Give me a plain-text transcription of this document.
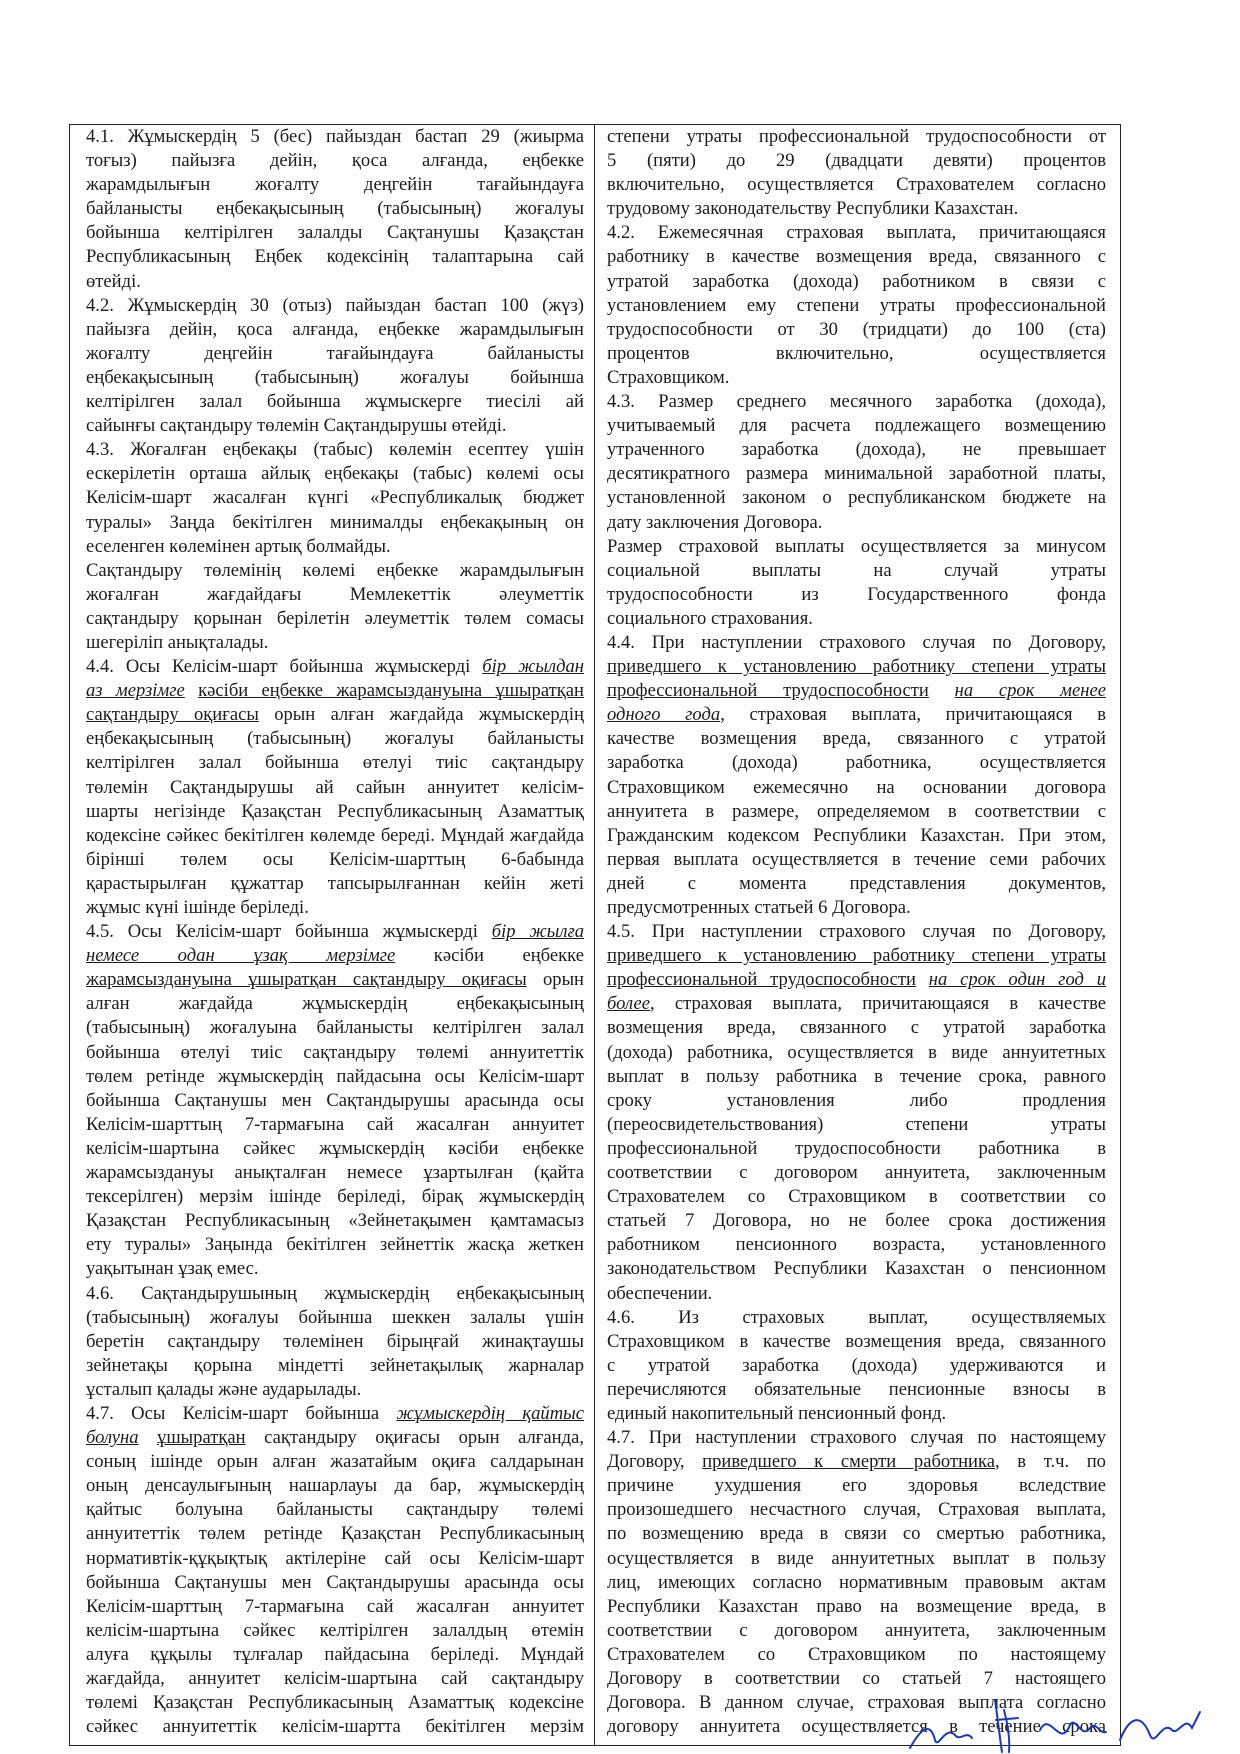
4.1. Жұмыскердің 5 (бес) пайыздан бастап 29 (жиырма
тоғыз) пайызға дейін, қоса алғанда, еңбекке
жарамдылығын жоғалту деңгейін тағайындауға
байланысты еңбекақысының (табысының) жоғалуы
бойынша келтірілген залалды Сақтанушы Қазақстан
Республикасының Еңбек кодексінің талаптарына сай
өтейді.
4.2. Жұмыскердің 30 (отыз) пайыздан бастап 100 (жүз)
пайызға дейін, қоса алғанда, еңбекке жарамдылығын
жоғалту деңгейін тағайындауға байланысты
еңбекақысының (табысының) жоғалуы бойынша
келтірілген залал бойынша жұмыскерге тиесілі ай
сайынғы сақтандыру төлемін Сақтандырушы өтейді.
4.3. Жоғалған еңбекақы (табыс) көлемін есептеу үшін
ескерілетін орташа айлық еңбекақы (табыс) көлемі осы
Келісім-шарт жасалған күнгі «Республикалық бюджет
туралы» Заңда бекітілген минималды еңбекақының он
еселенген көлемінен артық болмайды.
Сақтандыру төлемінің көлемі еңбекке жарамдылығын
жоғалған жағдайдағы Мемлекеттік әлеуметтік
сақтандыру қорынан берілетін әлеуметтік төлем сомасы
шегеріліп анықталады.
4.4. Осы Келісім-шарт бойынша жұмыскерді бір жылдан
аз мерзімге кәсіби еңбекке жарамсыздануына ұшыратқан
сақтандыру оқиғасы орын алған жағдайда жұмыскердің
еңбекақысының (табысының) жоғалуы байланысты
келтірілген залал бойынша өтелуі тиіс сақтандыру
төлемін Сақтандырушы ай сайын аннуитет келісім-
шарты негізінде Қазақстан Республикасының Азаматтық
кодексіне сәйкес бекітілген көлемде береді. Мұндай жағдайда
бірінші төлем осы Келісім-шарттың 6-бабында
қарастырылған құжаттар тапсырылғаннан кейін жеті
жұмыс күні ішінде беріледі.
4.5. Осы Келісім-шарт бойынша жұмыскерді бір жылға
немесе одан ұзақ мерзімге кәсіби еңбекке
жарамсыздануына ұшыратқан сақтандыру оқиғасы орын
алған жағдайда жұмыскердің еңбекақысының
(табысының) жоғалуына байланысты келтірілген залал
бойынша өтелуі тиіс сақтандыру төлемі аннуитеттік
төлем ретінде жұмыскердің пайдасына осы Келісім-шарт
бойынша Сақтанушы мен Сақтандырушы арасында осы
Келісім-шарттың 7-тармағына сай жасалған аннуитет
келісім-шартына сәйкес жұмыскердің кәсіби еңбекке
жарамсыздануы анықталған немесе ұзартылған (қайта
тексерілген) мерзім ішінде беріледі, бірақ жұмыскердің
Қазақстан Республикасының «Зейнетақымен қамтамасыз
ету туралы» Заңында бекітілген зейнеттік жасқа жеткен
уақытынан ұзақ емес.
4.6. Сақтандырушының жұмыскердің еңбекақысының
(табысының) жоғалуы бойынша шеккен залалы үшін
беретін сақтандыру төлемінен бірыңғай жинақтаушы
зейнетақы қорына міндетті зейнетақылық жарналар
ұсталып қалады және аударылады.
4.7. Осы Келісім-шарт бойынша жұмыскердің қайтыс
болуна ұшыратқан сақтандыру оқиғасы орын алғанда,
соның ішінде орын алған жазатайым оқиға салдарынан
оның денсаулығының нашарлауы да бар, жұмыскердің
қайтыс болуына байланысты сақтандыру төлемі
аннуитеттік төлем ретінде Қазақстан Республикасының
нормативтік-құқықтық актілеріне сай осы Келісім-шарт
бойынша Сақтанушы мен Сақтандырушы арасында осы
Келісім-шарттың 7-тармағына сай жасалған аннуитет
келісім-шартына сәйкес келтірілген залалдың өтемін
алуға құқылы тұлғалар пайдасына беріледі. Мұндай
жағдайда, аннуитет келісім-шартына сай сақтандыру
төлемі Қазақстан Республикасының Азаматтық кодексіне
сәйкес аннуитеттік келісім-шартта бекітілген мерзім
степени утраты профессиональной трудоспособности от
5 (пяти) до 29 (двадцати девяти) процентов
включительно, осуществляется Страхователем согласно
трудовому законодательству Республики Казахстан.
4.2. Ежемесячная страховая выплата, причитающаяся
работнику в качестве возмещения вреда, связанного с
утратой заработка (дохода) работником в связи с
установлением ему степени утраты профессиональной
трудоспособности от 30 (тридцати) до 100 (ста)
процентов включительно, осуществляется
Страховщиком.
4.3. Размер среднего месячного заработка (дохода),
учитываемый для расчета подлежащего возмещению
утраченного заработка (дохода), не превышает
десятикратного размера минимальной заработной платы,
установленной законом о республиканском бюджете на
дату заключения Договора.
Размер страховой выплаты осуществляется за минусом
социальной выплаты на случай утраты
трудоспособности из Государственного фонда
социального страхования.
4.4. При наступлении страхового случая по Договору,
приведшего к установлению работнику степени утраты
профессиональной трудоспособности на срок менее
одного года, страховая выплата, причитающаяся в
качестве возмещения вреда, связанного с утратой
заработка (дохода) работника, осуществляется
Страховщиком ежемесячно на основании договора
аннуитета в размере, определяемом в соответствии с
Гражданским кодексом Республики Казахстан. При этом,
первая выплата осуществляется в течение семи рабочих
дней с момента представления документов,
предусмотренных статьей 6 Договора.
4.5. При наступлении страхового случая по Договору,
приведшего к установлению работнику степени утраты
профессиональной трудоспособности на срок один год и
более, страховая выплата, причитающаяся в качестве
возмещения вреда, связанного с утратой заработка
(дохода) работника, осуществляется в виде аннуитетных
выплат в пользу работника в течение срока, равного
сроку установления либо продления
(переосвидетельствования) степени утраты
профессиональной трудоспособности работника в
соответствии с договором аннуитета, заключенным
Страхователем со Страховщиком в соответствии со
статьей 7 Договора, но не более срока достижения
работником пенсионного возраста, установленного
законодательством Республики Казахстан о пенсионном
обеспечении.
4.6. Из страховых выплат, осуществляемых
Страховщиком в качестве возмещения вреда, связанного
с утратой заработка (дохода) удерживаются и
перечисляются обязательные пенсионные взносы в
единый накопительный пенсионный фонд.
4.7. При наступлении страхового случая по настоящему
Договору, приведшего к смерти работника, в т.ч. по
причине ухудшения его здоровья вследствие
произошедшего несчастного случая, Страховая выплата,
по возмещению вреда в связи со смертью работника,
осуществляется в виде аннуитетных выплат в пользу
лиц, имеющих согласно нормативным правовым актам
Республики Казахстан право на возмещение вреда, в
соответствии с договором аннуитета, заключенным
Страхователем со Страховщиком по настоящему
Договору в соответствии со статьей 7 настоящего
Договора. В данном случае, страховая выплата согласно
договору аннуитета осуществляется в течение срока
